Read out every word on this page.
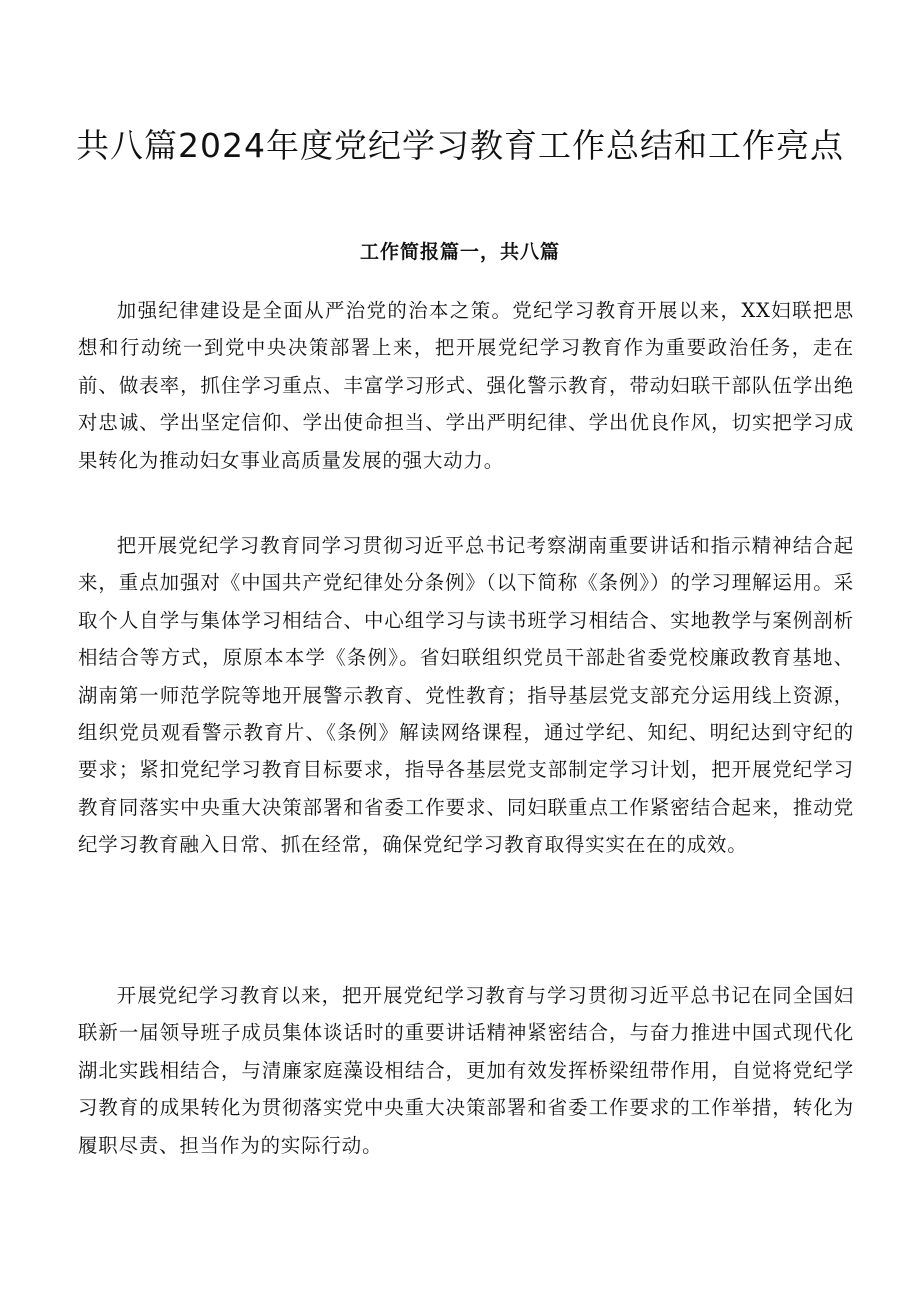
共八篇2024年度党纪学习教育工作总结和工作亮点
工作简报篇一，共八篇

加强纪律建设是全面从严治党的治本之策。党纪学习教育开展以来，XX妇联把思想和行动统一到党中央决策部署上来，把开展党纪学习教育作为重要政治任务，走在前、做表率，抓住学习重点、丰富学习形式、强化警示教育，带动妇联干部队伍学出绝对忠诚、学出坚定信仰、学出使命担当、学出严明纪律、学出优良作风，切实把学习成果转化为推动妇女事业高质量发展的强大动力。

把开展党纪学习教育同学习贯彻习近平总书记考察湖南重要讲话和指示精神结合起来，重点加强对《中国共产党纪律处分条例》（以下简称《条例》）的学习理解运用。采取个人自学与集体学习相结合、中心组学习与读书班学习相结合、实地教学与案例剖析相结合等方式，原原本本学《条例》。省妇联组织党员干部赴省委党校廉政教育基地、湖南第一师范学院等地开展警示教育、党性教育；指导基层党支部充分运用线上资源，组织党员观看警示教育片、《条例》解读网络课程，通过学纪、知纪、明纪达到守纪的要求；紧扣党纪学习教育目标要求，指导各基层党支部制定学习计划，把开展党纪学习教育同落实中央重大决策部署和省委工作要求、同妇联重点工作紧密结合起来，推动党纪学习教育融入日常、抓在经常，确保党纪学习教育取得实实在在的成效。

开展党纪学习教育以来，把开展党纪学习教育与学习贯彻习近平总书记在同全国妇联新一届领导班子成员集体谈话时的重要讲话精神紧密结合，与奋力推进中国式现代化湖北实践相结合，与清廉家庭藻设相结合，更加有效发挥桥梁纽带作用，自觉将党纪学习教育的成果转化为贯彻落实党中央重大决策部署和省委工作要求的工作举措，转化为履职尽责、担当作为的实际行动。
